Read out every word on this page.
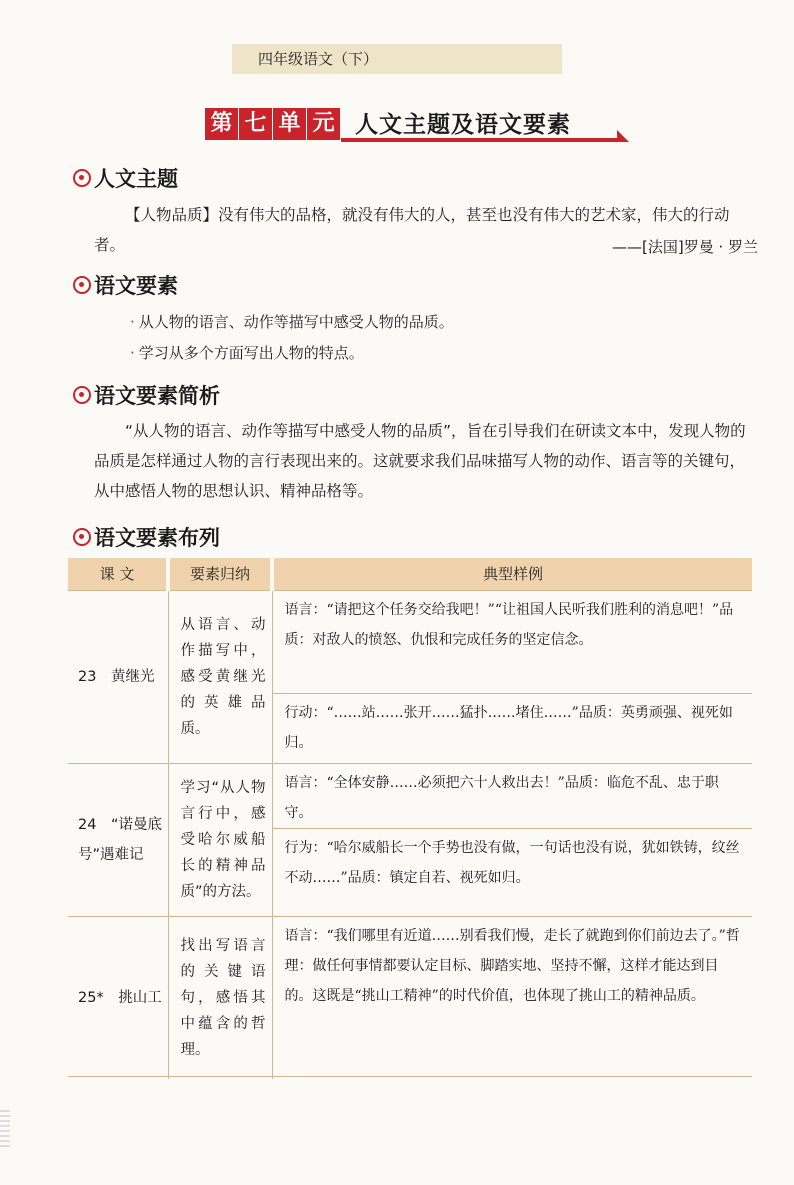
四年级语文（下）
第 七 单 元 人文主题及语文要素
人文主题
【人物品质】没有伟大的品格，就没有伟大的人，甚至也没有伟大的艺术家，伟大的行动者。	——[法国]罗曼 · 罗兰
语文要素
· 从人物的语言、动作等描写中感受人物的品质。
· 学习从多个方面写出人物的特点。
语文要素简析
“从人物的语言、动作等描写中感受人物的品质”，旨在引导我们在研读文本中，发现人物的品质是怎样通过人物的言行表现出来的。这就要求我们品味描写人物的动作、语言等的关键句，从中感悟人物的思想认识、精神品格等。
语文要素布列
课 文	要素归纳	典型样例
23　黄继光	从语言、动作描写中，感受黄继光的英雄品质。	语言：“请把这个任务交给我吧！”“让祖国人民听我们胜利的消息吧！”品质：对敌人的愤怒、仇恨和完成任务的坚定信念。
行动：“……站……张开……猛扑……堵住……”品质：英勇顽强、视死如归。

24　“诺曼底号”遇难记	学习“从人物言行中，感受哈尔威船长的精神品质”的方法。	语言：“全体安静……必须把六十人救出去！”品质：临危不乱、忠于职守。
行为：“哈尔威船长一个手势也没有做，一句话也没有说，犹如铁铸，纹丝不动……”品质：镇定自若、视死如归。

25*　挑山工	找出写语言的关键语句，感悟其中蕴含的哲理。	语言：“我们哪里有近道……别看我们慢，走长了就跑到你们前边去了。”哲理：做任何事情都要认定目标、脚踏实地、坚持不懈，这样才能达到目的。这既是“挑山工精神”的时代价值，也体现了挑山工的精神品质。
